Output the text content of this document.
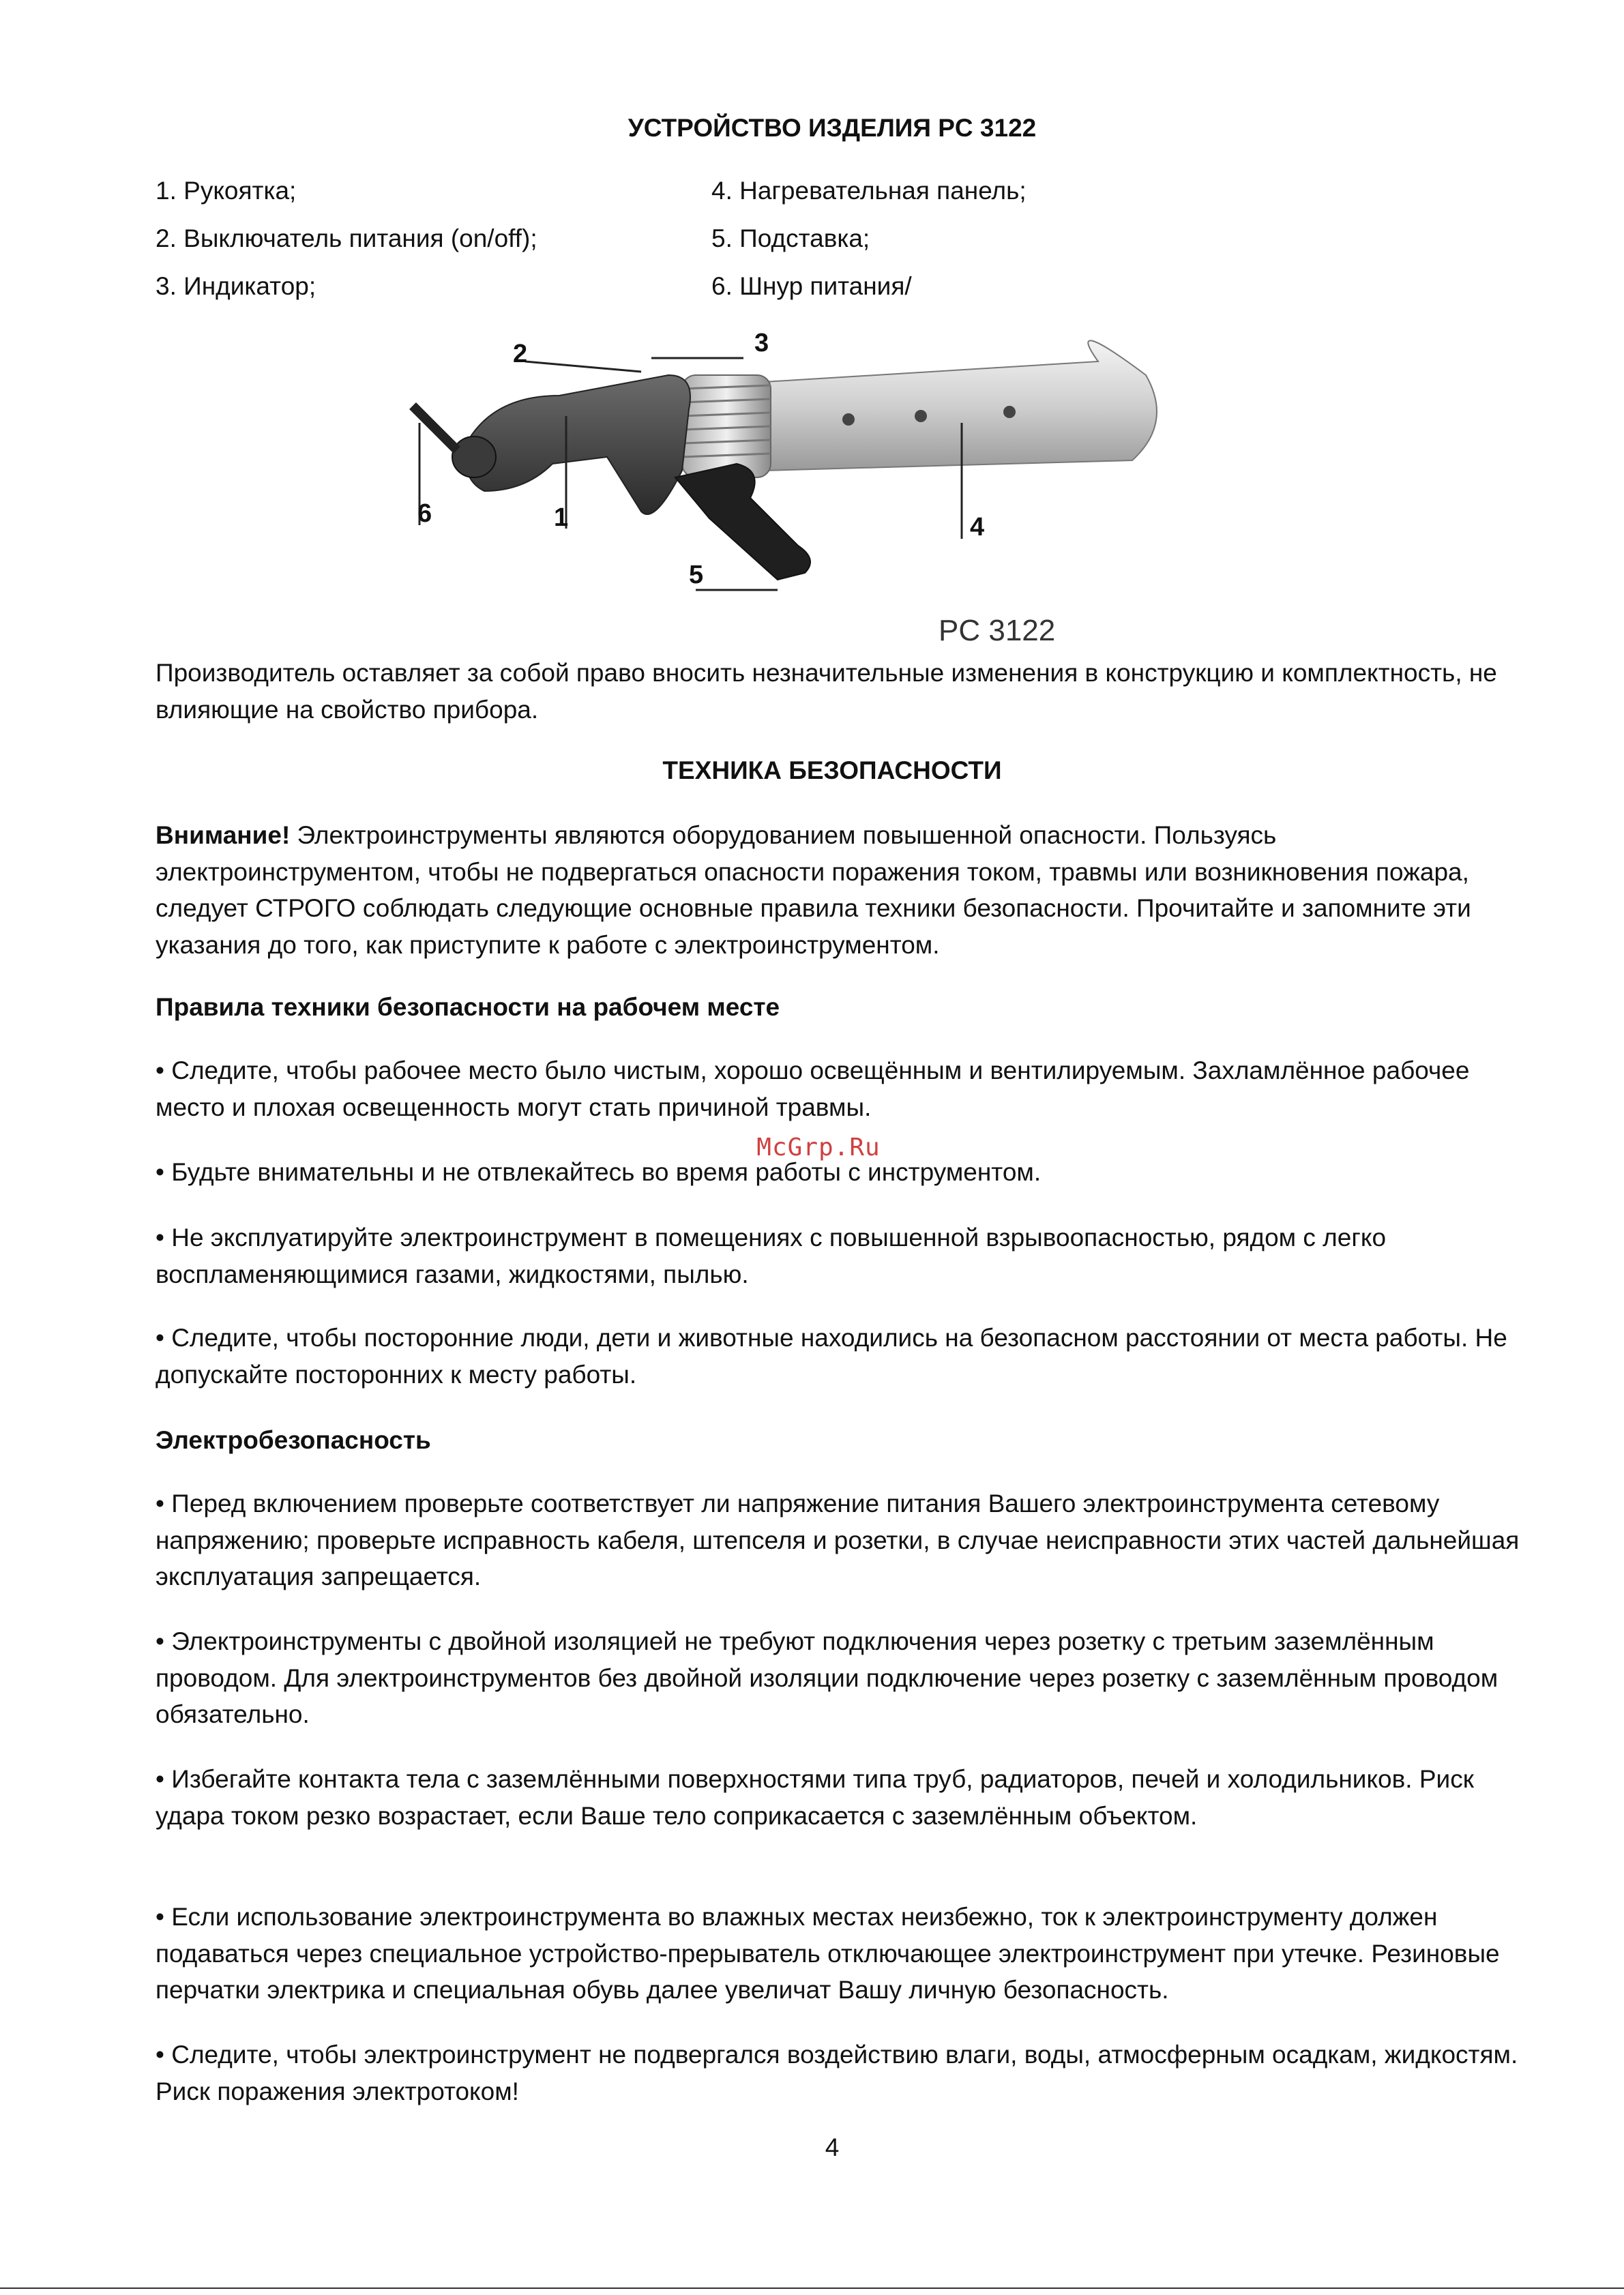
УСТРОЙСТВО ИЗДЕЛИЯ PC 3122
1. Рукоятка;
2. Выключатель питания (on/off);
3. Индикатор;
4. Нагревательная панель;
5. Подставка;
6. Шнур питания/
6	1
2	3
4
5
PC 3122
Производитель оставляет за собой право вносить незначительные изменения в конструкцию и комплектность, не влияющие на свойство прибора.
ТЕХНИКА БЕЗОПАСНОСТИ
Внимание! Электроинструменты являются оборудованием повышенной опасности. Пользуясь электроинструментом, чтобы не подвергаться опасности поражения током, травмы или возникновения пожара, следует СТРОГО соблюдать следующие основные правила техники безопасности. Прочитайте и запомните эти указания до того, как приступите к работе с электроинструментом.
Правила техники безопасности на рабочем месте
• Следите, чтобы рабочее место было чистым, хорошо освещённым и вентилируемым. Захламлённое рабочее место и плохая освещенность могут стать причиной травмы.
• Будьте внимательны и не отвлекайтесь во время работы с инструментом.
• Не эксплуатируйте электроинструмент в помещениях с повышенной взрывоопасностью, рядом с легко воспламеняющимися газами, жидкостями, пылью.
• Следите, чтобы посторонние люди, дети и животные находились на безопасном расстоянии от места работы. Не допускайте посторонних к месту работы.
McGrp.Ru
Электробезопасность
• Перед включением проверьте соответствует ли напряжение питания Вашего электроинструмента сетевому напряжению; проверьте исправность кабеля, штепселя и розетки, в случае неисправности этих частей дальнейшая эксплуатация запрещается.
• Электроинструменты с двойной изоляцией не требуют подключения через розетку с третьим заземлённым проводом. Для электроинструментов без двойной изоляции подключение через розетку с заземлённым проводом обязательно.
• Избегайте контакта тела с заземлёнными поверхностями типа труб, радиаторов, печей и холодильников. Риск удара током резко возрастает, если Ваше тело соприкасается с заземлённым объектом.
• Если использование электроинструмента во влажных местах неизбежно, ток к электроинструменту должен подаваться через специальное устройство-прерыватель отключающее электроинструмент при утечке. Резиновые перчатки электрика и специальная обувь далее увеличат Вашу личную безопасность.
• Следите, чтобы электроинструмент не подвергался воздействию влаги, воды, атмосферным осадкам, жидкостям. Риск поражения электротоком!
4
